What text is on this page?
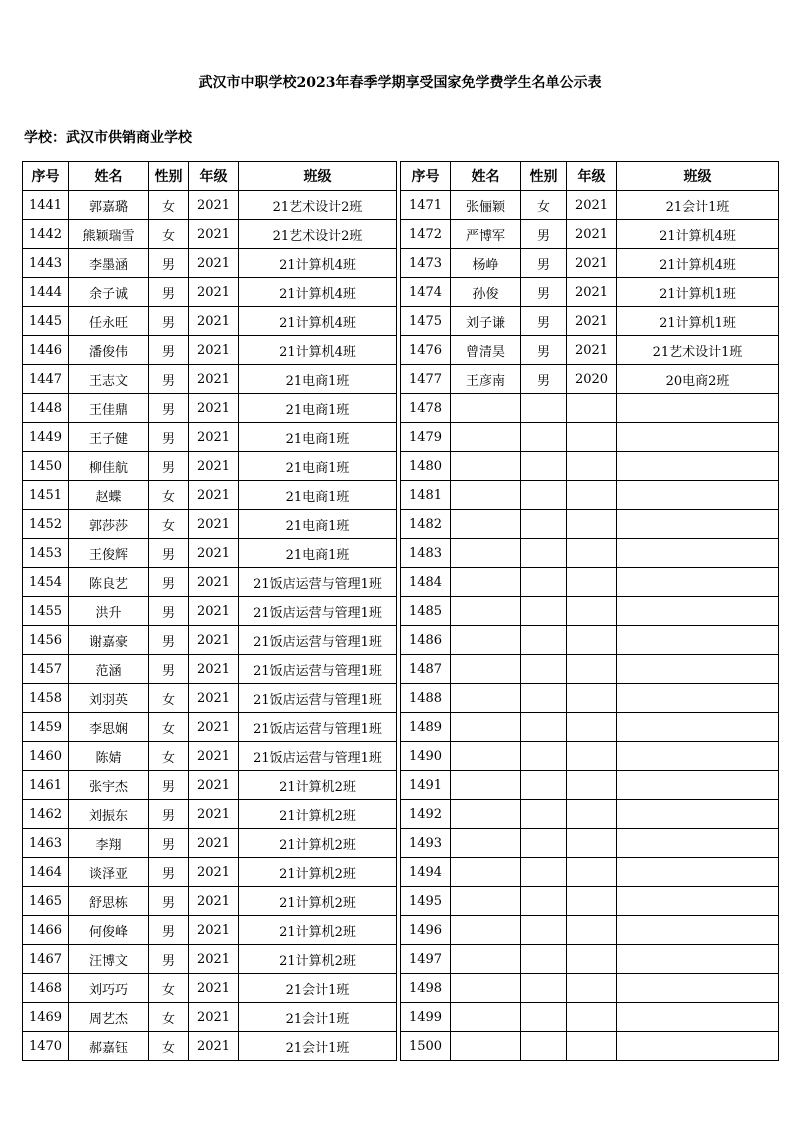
武汉市中职学校2023年春季学期享受国家免学费学生名单公示表
学校：武汉市供销商业学校
序号	姓名	性别	年级	班级
1441	郭嘉璐	女	2021	21艺术设计2班
1442	熊颖瑞雪	女	2021	21艺术设计2班
1443	李墨涵	男	2021	21计算机4班
1444	余子诚	男	2021	21计算机4班
1445	任永旺	男	2021	21计算机4班
1446	潘俊伟	男	2021	21计算机4班
1447	王志文	男	2021	21电商1班
1448	王佳鼎	男	2021	21电商1班
1449	王子健	男	2021	21电商1班
1450	柳佳航	男	2021	21电商1班
1451	赵蝶	女	2021	21电商1班
1452	郭莎莎	女	2021	21电商1班
1453	王俊辉	男	2021	21电商1班
1454	陈良艺	男	2021	21饭店运营与管理1班
1455	洪升	男	2021	21饭店运营与管理1班
1456	谢嘉豪	男	2021	21饭店运营与管理1班
1457	范涵	男	2021	21饭店运营与管理1班
1458	刘羽英	女	2021	21饭店运营与管理1班
1459	李思娴	女	2021	21饭店运营与管理1班
1460	陈婧	女	2021	21饭店运营与管理1班
1461	张宇杰	男	2021	21计算机2班
1462	刘振东	男	2021	21计算机2班
1463	李翔	男	2021	21计算机2班
1464	谈泽亚	男	2021	21计算机2班
1465	舒思栋	男	2021	21计算机2班
1466	何俊峰	男	2021	21计算机2班
1467	汪博文	男	2021	21计算机2班
1468	刘巧巧	女	2021	21会计1班
1469	周艺杰	女	2021	21会计1班
1470	郝嘉钰	女	2021	21会计1班
序号	姓名	性别	年级	班级
1471	张俪颖	女	2021	21会计1班
1472	严博军	男	2021	21计算机4班
1473	杨峥	男	2021	21计算机4班
1474	孙俊	男	2021	21计算机1班
1475	刘子谦	男	2021	21计算机1班
1476	曾清昊	男	2021	21艺术设计1班
1477	王彦南	男	2020	20电商2班
1478				
1479				
1480				
1481				
1482				
1483				
1484				
1485				
1486				
1487				
1488				
1489				
1490				
1491				
1492				
1493				
1494				
1495				
1496				
1497				
1498				
1499				
1500				
